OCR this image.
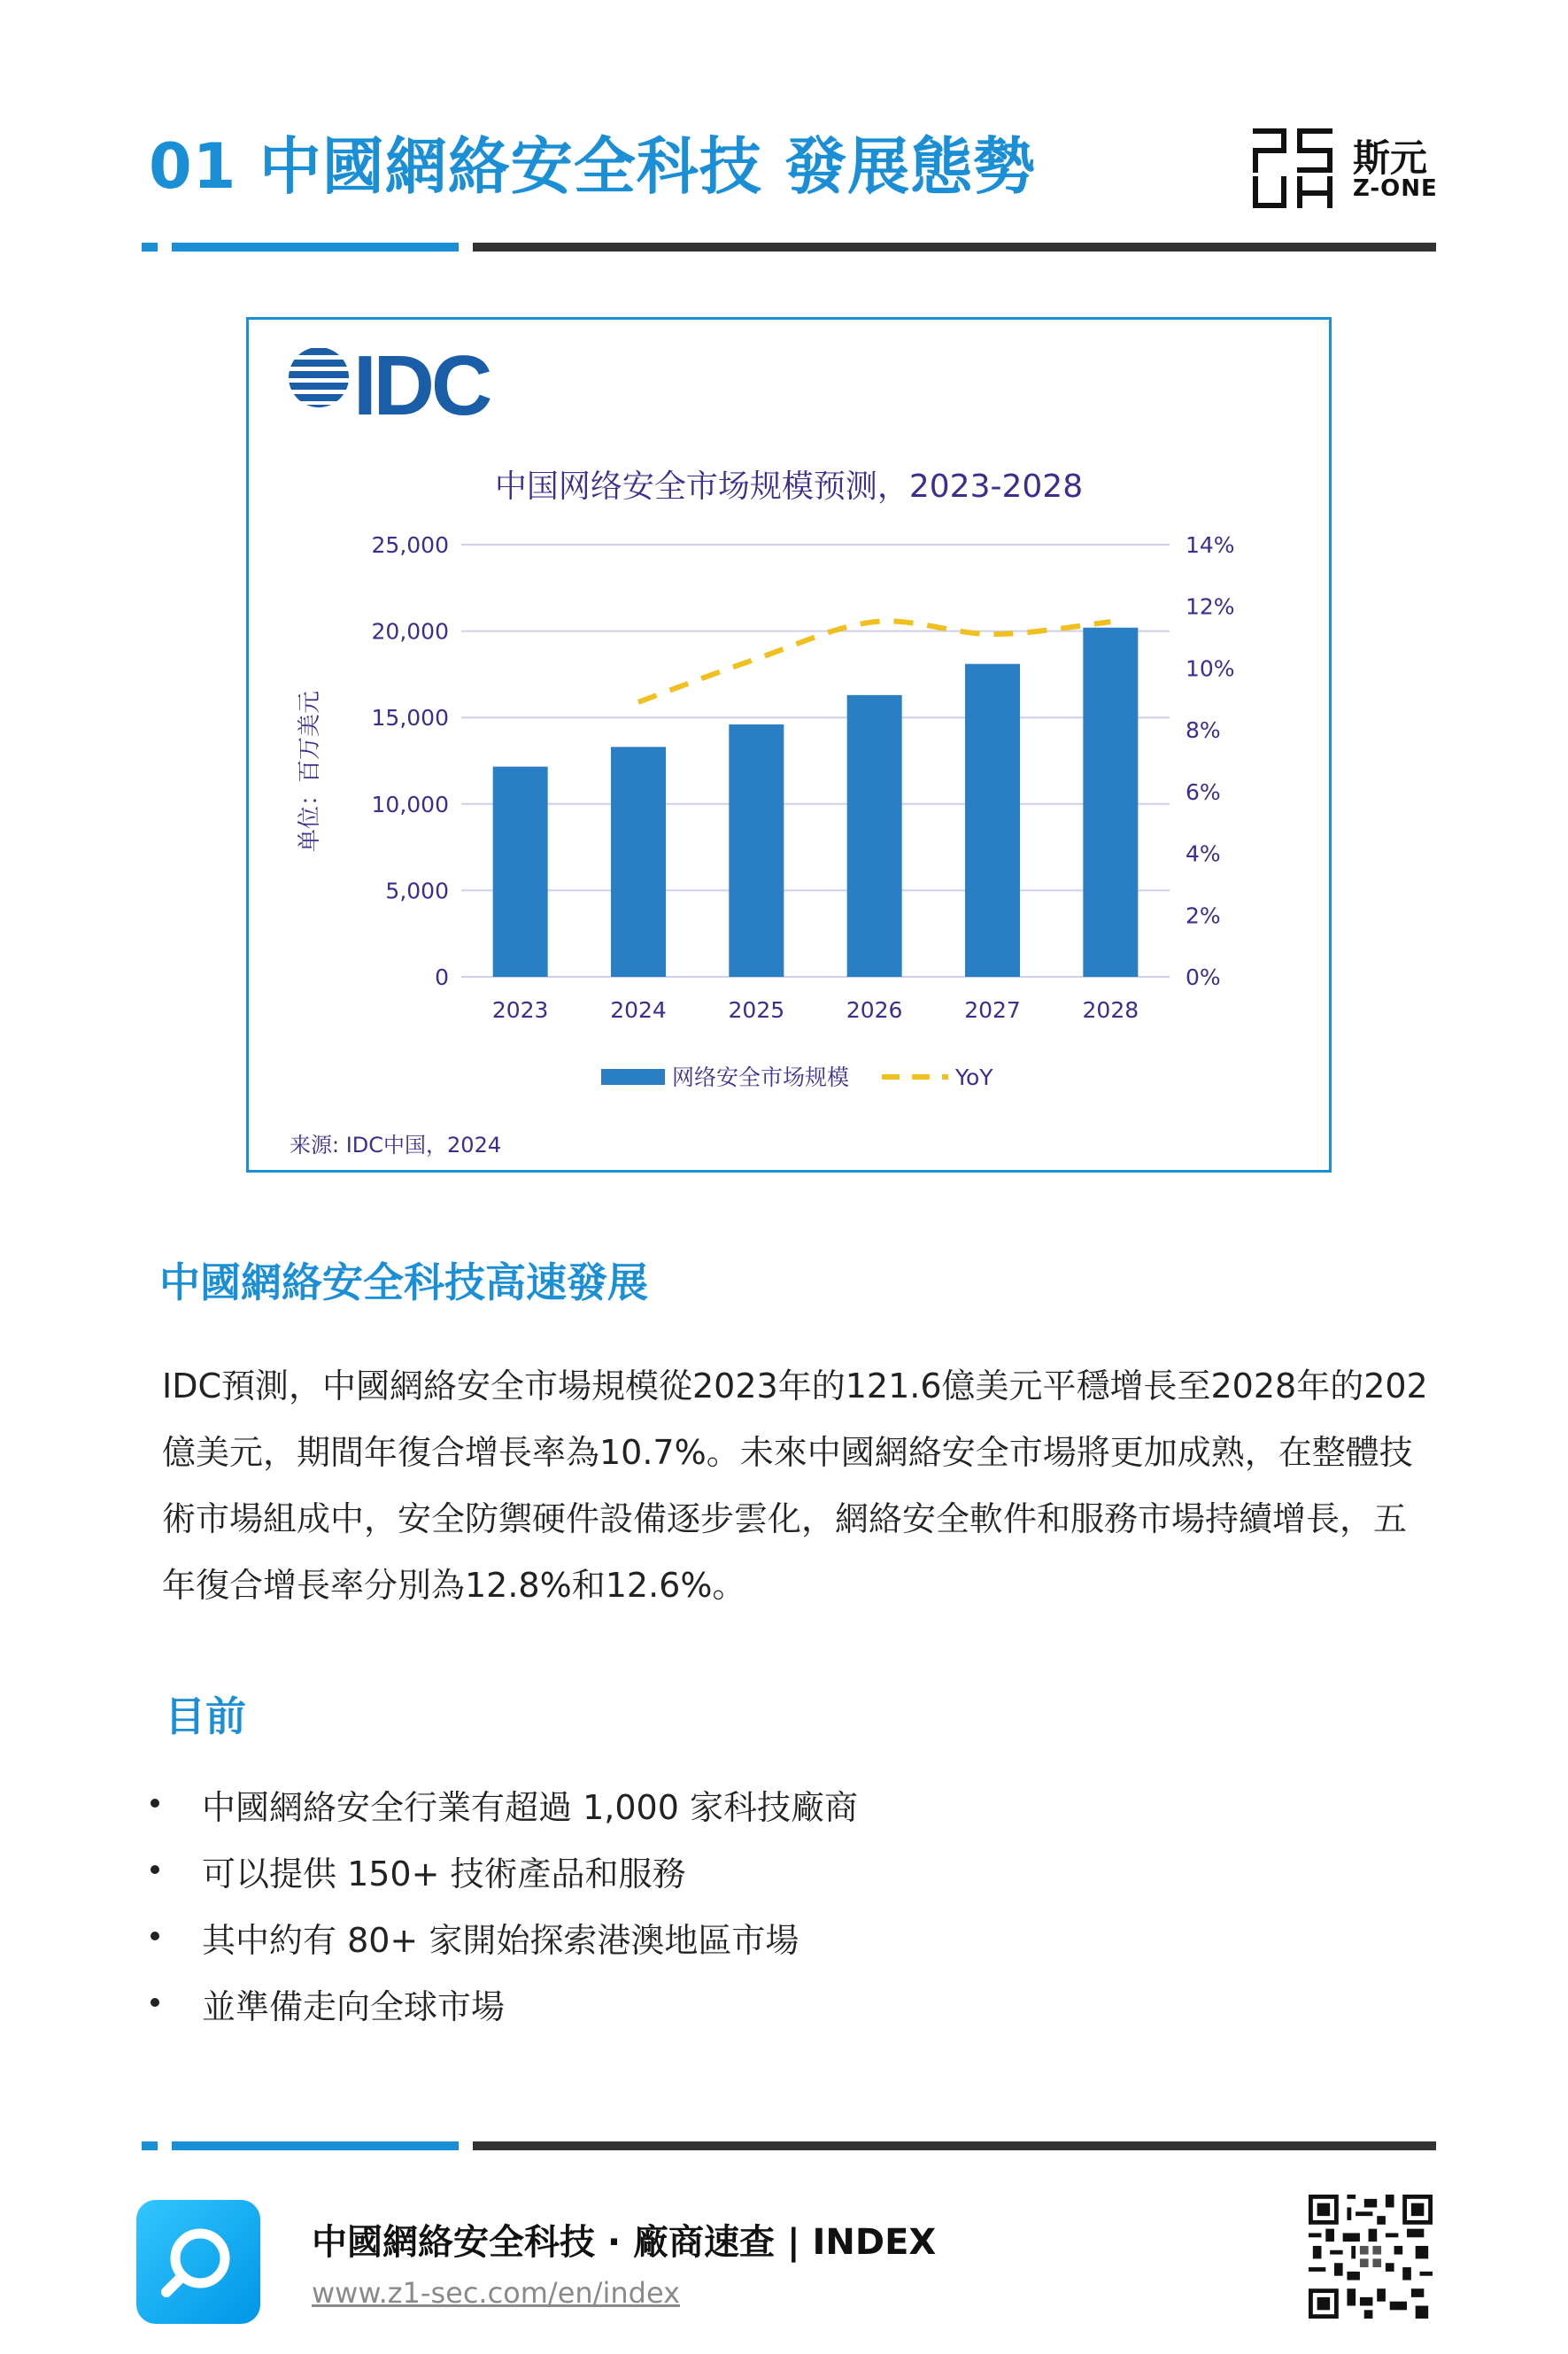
01 中國網絡安全科技 發展態勢	斯元
Z-ONE
IDC
中国网络安全市场规模预测，2023-2028
0
5,000
10,000
15,000
20,000
25,000
0%
2%
4%
6%
8%
10%
12%
14%
2023	2024	2025	2026	2027	2028
单位：百万美元
网络安全市场规模	YoY
来源: IDC中国，2024
中國網絡安全科技高速發展
IDC預測，中國網絡安全市場規模從2023年的121.6億美元平穩增長至2028年的202億美元，期間年復合增長率為10.7%。未來中國網絡安全市場將更加成熟，在整體技術市場組成中，安全防禦硬件設備逐步雲化，網絡安全軟件和服務市場持續增長，五年復合增長率分別為12.8%和12.6%。
目前
中國網絡安全行業有超過 1,000 家科技廠商
可以提供 150+ 技術產品和服務
其中約有 80+ 家開始探索港澳地區市場
並準備走向全球市場
中國網絡安全科技 · 廠商速查 | INDEX
www.z1-sec.com/en/index
